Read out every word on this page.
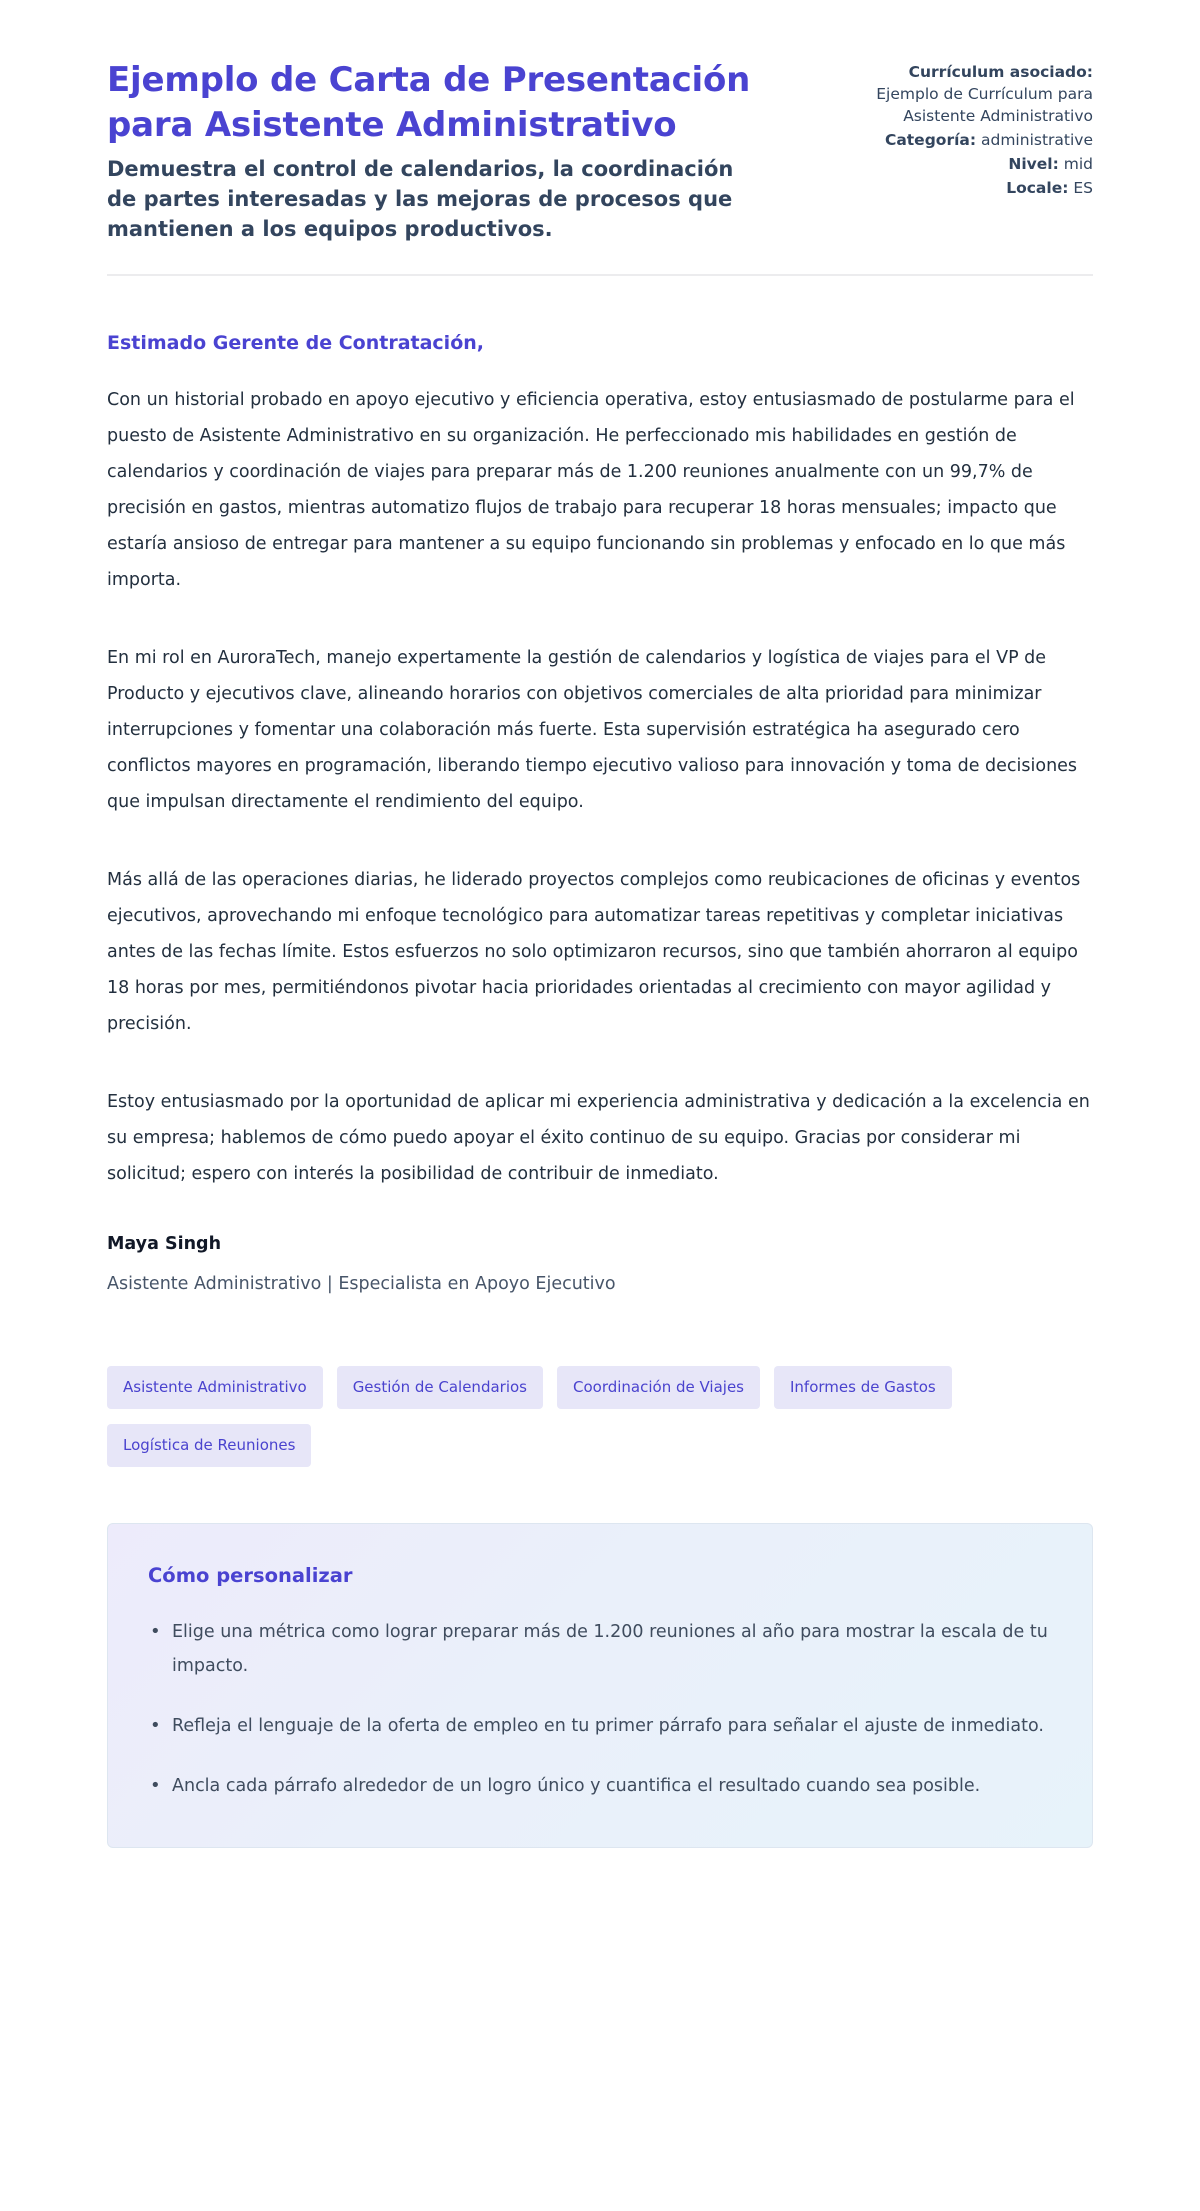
Ejemplo de Carta de Presentación para Asistente Administrativo

Demuestra el control de calendarios, la coordinación de partes interesadas y las mejoras de procesos que mantienen a los equipos productivos.

Currículum asociado: Ejemplo de Currículum para Asistente Administrativo
Categoría: administrative
Nivel: mid
Locale: ES

Estimado Gerente de Contratación,

Con un historial probado en apoyo ejecutivo y eficiencia operativa, estoy entusiasmado de postularme para el puesto de Asistente Administrativo en su organización. He perfeccionado mis habilidades en gestión de calendarios y coordinación de viajes para preparar más de 1.200 reuniones anualmente con un 99,7% de precisión en gastos, mientras automatizo flujos de trabajo para recuperar 18 horas mensuales; impacto que estaría ansioso de entregar para mantener a su equipo funcionando sin problemas y enfocado en lo que más importa.

En mi rol en AuroraTech, manejo expertamente la gestión de calendarios y logística de viajes para el VP de Producto y ejecutivos clave, alineando horarios con objetivos comerciales de alta prioridad para minimizar interrupciones y fomentar una colaboración más fuerte. Esta supervisión estratégica ha asegurado cero conflictos mayores en programación, liberando tiempo ejecutivo valioso para innovación y toma de decisiones que impulsan directamente el rendimiento del equipo.

Más allá de las operaciones diarias, he liderado proyectos complejos como reubicaciones de oficinas y eventos ejecutivos, aprovechando mi enfoque tecnológico para automatizar tareas repetitivas y completar iniciativas antes de las fechas límite. Estos esfuerzos no solo optimizaron recursos, sino que también ahorraron al equipo 18 horas por mes, permitiéndonos pivotar hacia prioridades orientadas al crecimiento con mayor agilidad y precisión.

Estoy entusiasmado por la oportunidad de aplicar mi experiencia administrativa y dedicación a la excelencia en su empresa; hablemos de cómo puedo apoyar el éxito continuo de su equipo. Gracias por considerar mi solicitud; espero con interés la posibilidad de contribuir de inmediato.

Maya Singh

Asistente Administrativo | Especialista en Apoyo Ejecutivo

Asistente Administrativo	Gestión de Calendarios	Coordinación de Viajes	Informes de Gastos
Logística de Reuniones
Cómo personalizar
• Elige una métrica como lograr preparar más de 1.200 reuniones al año para mostrar la escala de tu impacto.
• Refleja el lenguaje de la oferta de empleo en tu primer párrafo para señalar el ajuste de inmediato.
• Ancla cada párrafo alrededor de un logro único y cuantifica el resultado cuando sea posible.
